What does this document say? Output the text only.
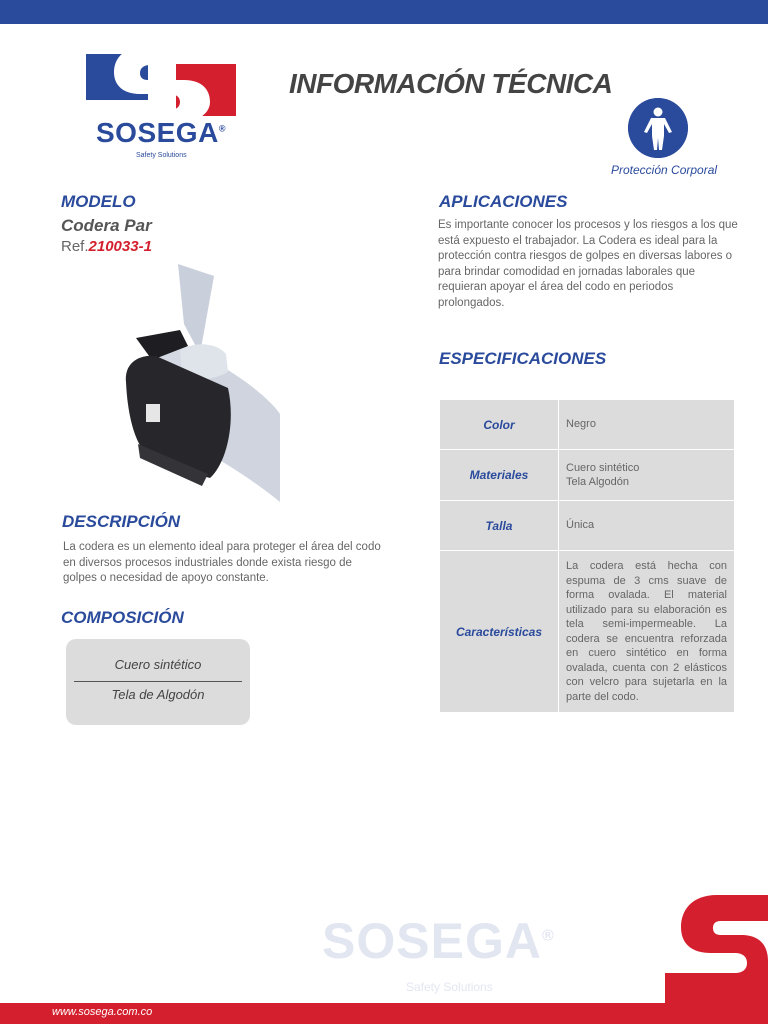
SOSEGA®
Safety Solutions
INFORMACIÓN TÉCNICA
Protección Corporal
MODELO
Codera Par
Ref.210033-1
DESCRIPCIÓN

La codera es un elemento ideal para proteger el área del codo en diversos procesos industriales donde exista riesgo de golpes o necesidad de apoyo constante.

COMPOSICIÓN
Cuero sintético
Tela de Algodón
APLICACIONES

Es importante conocer los procesos y los riesgos a los que está expuesto el trabajador. La Codera es ideal para la protección contra riesgos de golpes en diversas labores o para brindar comodidad en jornadas laborales que requieran apoyar el área del codo en periodos prolongados.

ESPECIFICACIONES
Color	Negro
Materiales	Cuero sintético
Tela Algodón

Talla	Única
Características	La codera está hecha con espuma de 3 cms suave de forma ovalada. El material utilizado para su elaboración es tela semi-impermeable. La codera se encuentra reforzada en cuero sintético en forma ovalada, cuenta con 2 elásticos con velcro para sujetarla en la parte del codo.
SOSEGA®
Safety Solutions
www.sosega.com.co
